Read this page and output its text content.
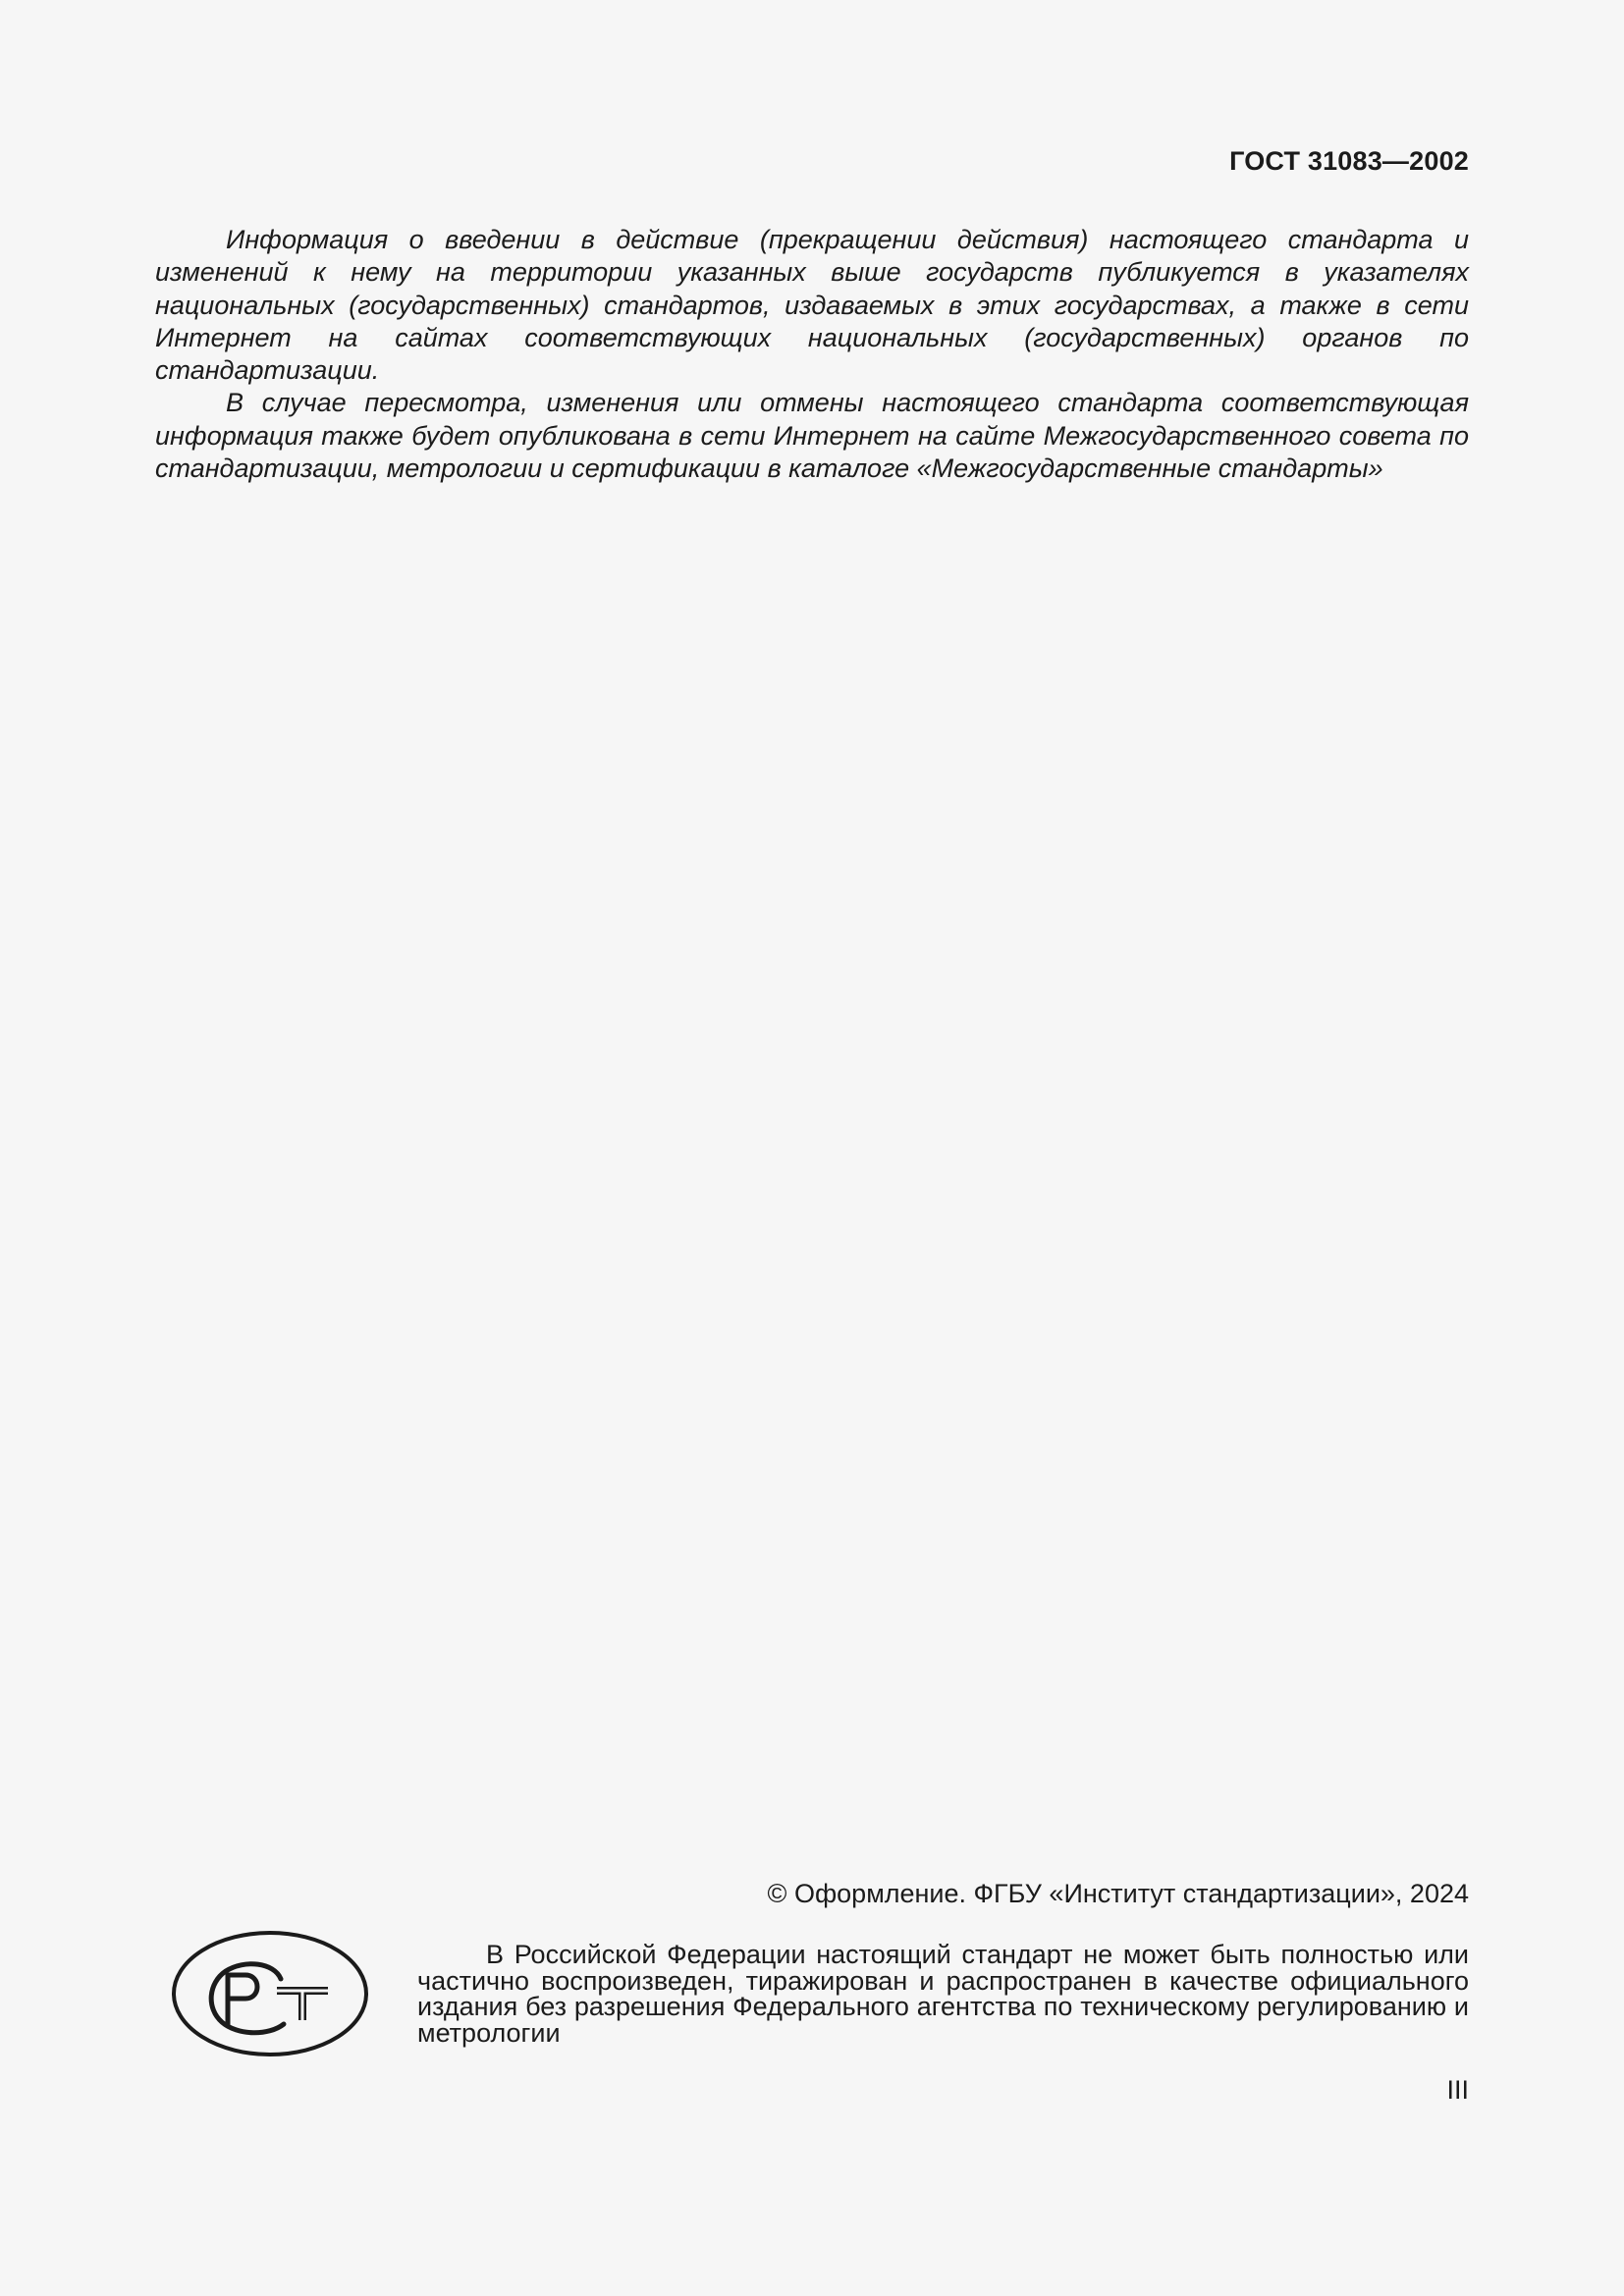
ГОСТ 31083—2002

Информация о введении в действие (прекращении действия) настоящего стандарта и изменений к нему на территории указанных выше государств публикуется в указателях национальных (государственных) стандартов, издаваемых в этих государствах, а также в сети Интернет на сайтах соответствующих национальных (государственных) органов по стандартизации.

В случае пересмотра, изменения или отмены настоящего стандарта соответствующая информация также будет опубликована в сети Интернет на сайте Межгосударственного совета по стандартизации, метрологии и сертификации в каталоге «Межгосударственные стандарты»

© Оформление. ФГБУ «Институт стандартизации», 2024
В Российской Федерации настоящий стандарт не может быть полностью или частично воспроизведен, тиражирован и распространен в качестве официального издания без разрешения Федерального агентства по техническому регулированию и метрологии
III
